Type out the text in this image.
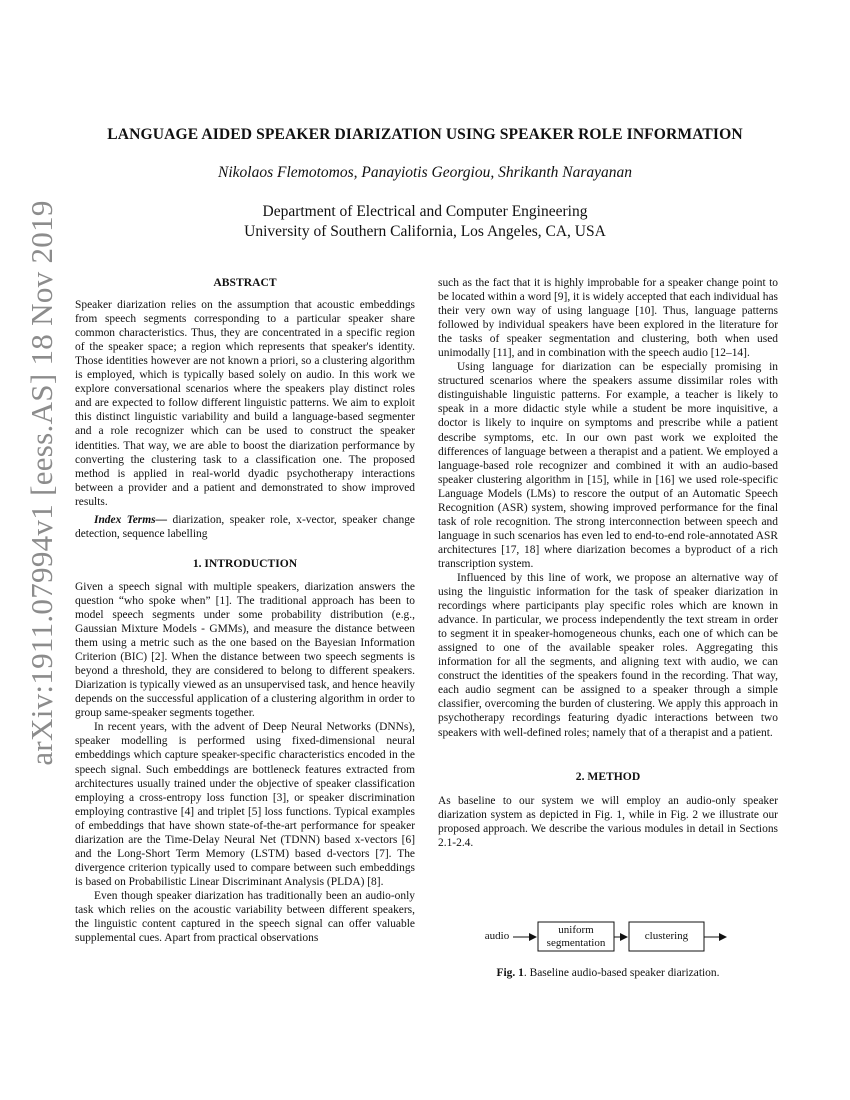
arXiv:1911.07994v1 [eess.AS] 18 Nov 2019
LANGUAGE AIDED SPEAKER DIARIZATION USING SPEAKER ROLE INFORMATION

Nikolaos Flemotomos, Panayiotis Georgiou, Shrikanth Narayanan

Department of Electrical and Computer Engineering
University of Southern California, Los Angeles, CA, USA
ABSTRACT

Speaker diarization relies on the assumption that acoustic embeddings from speech segments corresponding to a particular speaker share common characteristics. Thus, they are concentrated in a specific region of the speaker space; a region which represents that speaker's identity. Those identities however are not known a priori, so a clustering algorithm is employed, which is typically based solely on audio. In this work we explore conversational scenarios where the speakers play distinct roles and are expected to follow different linguistic patterns. We aim to exploit this distinct linguistic variability and build a language-based segmenter and a role recognizer which can be used to construct the speaker identities. That way, we are able to boost the diarization performance by converting the clustering task to a classification one. The proposed method is applied in real-world dyadic psychotherapy interactions between a provider and a patient and demonstrated to show improved results.

Index Terms— diarization, speaker role, x-vector, speaker change detection, sequence labelling

1. INTRODUCTION

Given a speech signal with multiple speakers, diarization answers the question “who spoke when” [1]. The traditional approach has been to model speech segments under some probability distribution (e.g., Gaussian Mixture Models - GMMs), and measure the distance between them using a metric such as the one based on the Bayesian Information Criterion (BIC) [2]. When the distance between two speech segments is beyond a threshold, they are considered to belong to different speakers. Diarization is typically viewed as an unsupervised task, and hence heavily depends on the successful application of a clustering algorithm in order to group same-speaker segments together.

In recent years, with the advent of Deep Neural Networks (DNNs), speaker modelling is performed using fixed-dimensional neural embeddings which capture speaker-specific characteristics encoded in the speech signal. Such embeddings are bottleneck features extracted from architectures usually trained under the objective of speaker classification employing a cross-entropy loss function [3], or speaker discrimination employing contrastive [4] and triplet [5] loss functions. Typical examples of embeddings that have shown state-of-the-art performance for speaker diarization are the Time-Delay Neural Net (TDNN) based x-vectors [6] and the Long-Short Term Memory (LSTM) based d-vectors [7]. The divergence criterion typically used to compare between such embeddings is based on Probabilistic Linear Discriminant Analysis (PLDA) [8].

Even though speaker diarization has traditionally been an audio-only task which relies on the acoustic variability between different speakers, the linguistic content captured in the speech signal can offer valuable supplemental cues. Apart from practical observations

such as the fact that it is highly improbable for a speaker change point to be located within a word [9], it is widely accepted that each individual has their very own way of using language [10]. Thus, language patterns followed by individual speakers have been explored in the literature for the tasks of speaker segmentation and clustering, both when used unimodally [11], and in combination with the speech audio [12–14].

Using language for diarization can be especially promising in structured scenarios where the speakers assume dissimilar roles with distinguishable linguistic patterns. For example, a teacher is likely to speak in a more didactic style while a student be more inquisitive, a doctor is likely to inquire on symptoms and prescribe while a patient describe symptoms, etc. In our own past work we exploited the differences of language between a therapist and a patient. We employed a language-based role recognizer and combined it with an audio-based speaker clustering algorithm in [15], while in [16] we used role-specific Language Models (LMs) to rescore the output of an Automatic Speech Recognition (ASR) system, showing improved performance for the final task of role recognition. The strong interconnection between speech and language in such scenarios has even led to end-to-end role-annotated ASR architectures [17, 18] where diarization becomes a byproduct of a rich transcription system.

Influenced by this line of work, we propose an alternative way of using the linguistic information for the task of speaker diarization in recordings where participants play specific roles which are known in advance. In particular, we process independently the text stream in order to segment it in speaker-homogeneous chunks, each one of which can be assigned to one of the available speaker roles. Aggregating this information for all the segments, and aligning text with audio, we can construct the identities of the speakers found in the recording. That way, each audio segment can be assigned to a speaker through a simple classifier, overcoming the burden of clustering. We apply this approach in psychotherapy recordings featuring dyadic interactions between two speakers with well-defined roles; namely that of a therapist and a patient.

2. METHOD

As baseline to our system we will employ an audio-only speaker diarization system as depicted in Fig. 1, while in Fig. 2 we illustrate our proposed approach. We describe the various modules in detail in Sections 2.1-2.4.

audio	uniform
segmentation
clustering
Fig. 1. Baseline audio-based speaker diarization.
